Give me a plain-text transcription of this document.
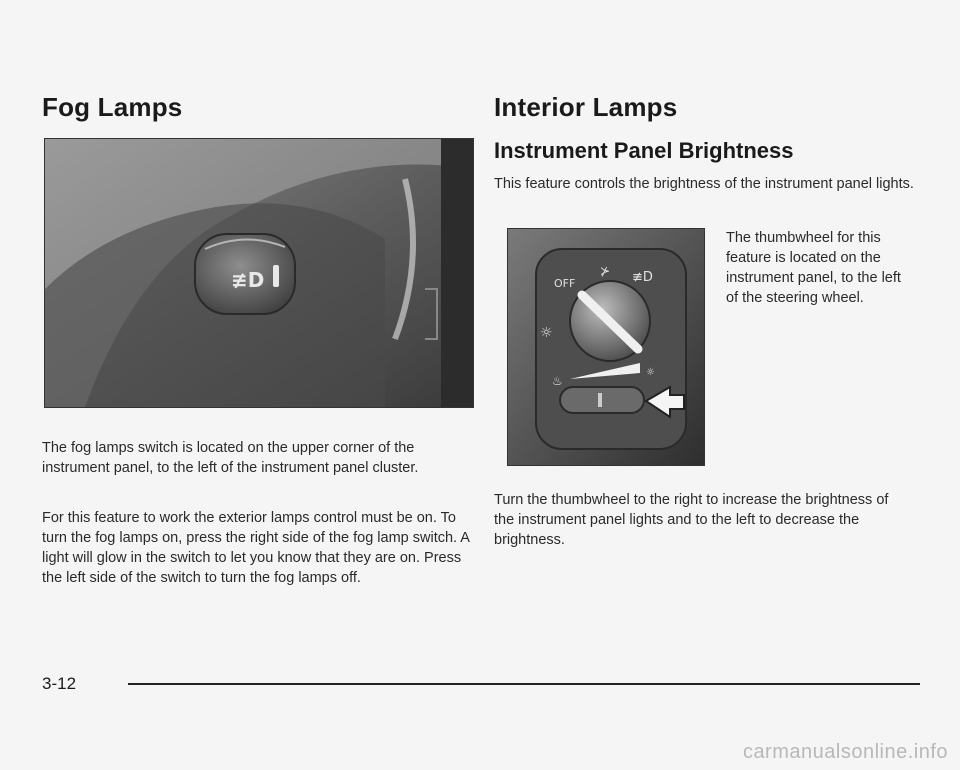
Fog Lamps
≢D

The fog lamps switch is located on the upper corner of the instrument panel, to the left of the instrument panel cluster.

For this feature to work the exterior lamps control must be on. To turn the fog lamps on, press the right side of the fog lamp switch. A light will glow in the switch to let you know that they are on. Press the left side of the switch to turn the fog lamps off.

Interior Lamps
Instrument Panel Brightness

This feature controls the brightness of the instrument panel lights.

OFF
⊁ ≢D
☼
♨
☼

The thumbwheel for this feature is located on the instrument panel, to the left of the steering wheel.

Turn the thumbwheel to the right to increase the brightness of the instrument panel lights and to the left to decrease the brightness.

3-12
carmanualsonline.info
